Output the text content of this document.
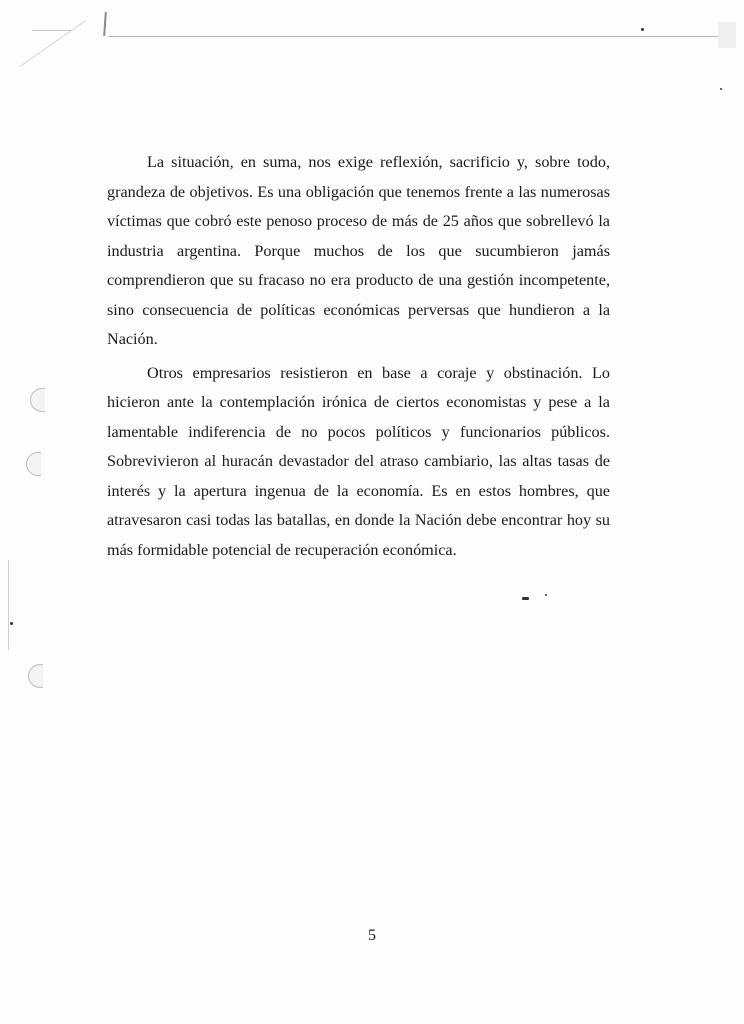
La situación, en suma, nos exige reflexión, sacrificio y, sobre todo, grandeza de objetivos. Es una obligación que tenemos frente a las numerosas víctimas que cobró este penoso proceso de más de 25 años que sobrellevó la industria argentina. Porque muchos de los que sucumbieron jamás comprendieron que su fracaso no era producto de una gestión incompetente, sino consecuencia de políticas económicas perversas que hundieron a la Nación.

Otros empresarios resistieron en base a coraje y obstinación. Lo hicieron ante la contemplación irónica de ciertos economistas y pese a la lamentable indiferencia de no pocos políticos y funcionarios públicos. Sobrevivieron al huracán devastador del atraso cambiario, las altas tasas de interés y la apertura ingenua de la economía. Es en estos hombres, que atravesaron casi todas las batallas, en donde la Nación debe encontrar hoy su más formidable potencial de recuperación económica.

5
